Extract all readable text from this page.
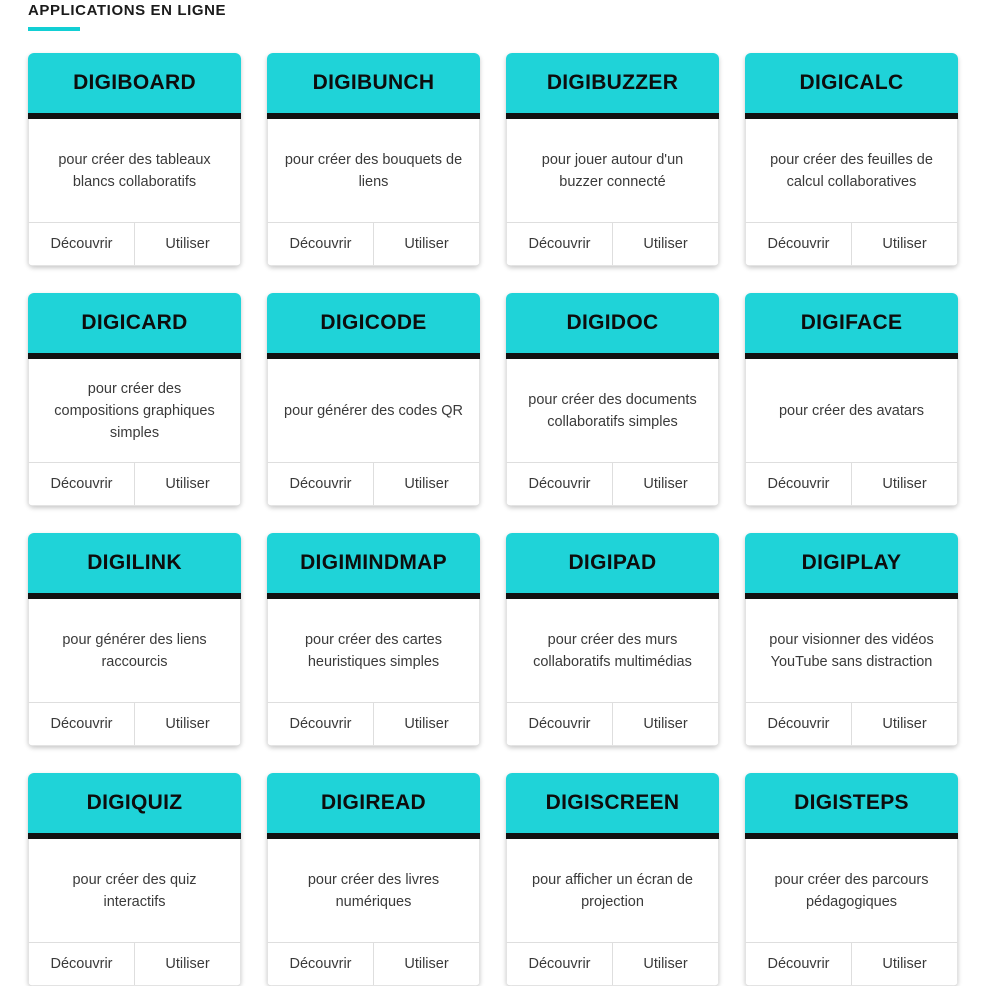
APPLICATIONS EN LIGNE
DIGIBOARD
pour créer des tableaux blancs collaboratifs
Découvrir	Utiliser
DIGIBUNCH
pour créer des bouquets de liens
Découvrir	Utiliser
DIGIBUZZER
pour jouer autour d'un buzzer connecté
Découvrir	Utiliser
DIGICALC
pour créer des feuilles de calcul collaboratives
Découvrir	Utiliser
DIGICARD
pour créer des compositions graphiques simples
Découvrir	Utiliser
DIGICODE
pour générer des codes QR
Découvrir	Utiliser
DIGIDOC
pour créer des documents collaboratifs simples
Découvrir	Utiliser
DIGIFACE
pour créer des avatars
Découvrir	Utiliser
DIGILINK
pour générer des liens raccourcis
Découvrir	Utiliser
DIGIMINDMAP
pour créer des cartes heuristiques simples
Découvrir	Utiliser
DIGIPAD
pour créer des murs collaboratifs multimédias
Découvrir	Utiliser
DIGIPLAY
pour visionner des vidéos YouTube sans distraction
Découvrir	Utiliser
DIGIQUIZ
pour créer des quiz interactifs
Découvrir	Utiliser
DIGIREAD
pour créer des livres numériques
Découvrir	Utiliser
DIGISCREEN
pour afficher un écran de projection
Découvrir	Utiliser
DIGISTEPS
pour créer des parcours pédagogiques
Découvrir	Utiliser
